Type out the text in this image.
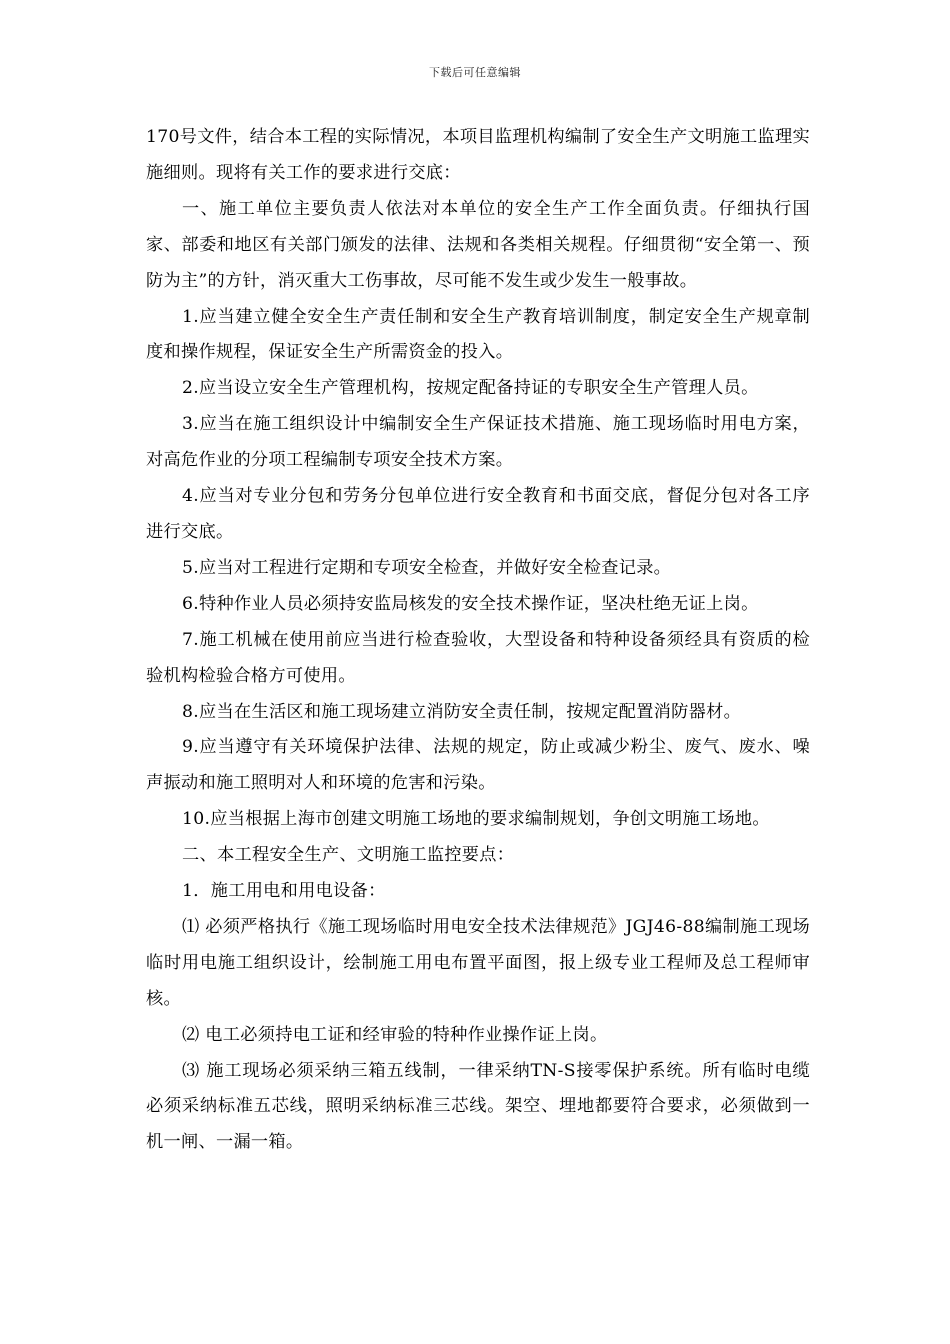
下载后可任意编辑

170号文件，结合本工程的实际情况，本项目监理机构编制了安全生产文明施工监理实施细则。现将有关工作的要求进行交底：

一、施工单位主要负责人依法对本单位的安全生产工作全面负责。仔细执行国家、部委和地区有关部门颁发的法律、法规和各类相关规程。仔细贯彻“安全第一、预防为主”的方针，消灭重大工伤事故，尽可能不发生或少发生一般事故。

1.应当建立健全安全生产责任制和安全生产教育培训制度，制定安全生产规章制度和操作规程，保证安全生产所需资金的投入。

2.应当设立安全生产管理机构，按规定配备持证的专职安全生产管理人员。

3.应当在施工组织设计中编制安全生产保证技术措施、施工现场临时用电方案，对高危作业的分项工程编制专项安全技术方案。

4.应当对专业分包和劳务分包单位进行安全教育和书面交底，督促分包对各工序进行交底。

5.应当对工程进行定期和专项安全检查，并做好安全检查记录。

6.特种作业人员必须持安监局核发的安全技术操作证，坚决杜绝无证上岗。

7.施工机械在使用前应当进行检查验收，大型设备和特种设备须经具有资质的检验机构检验合格方可使用。

8.应当在生活区和施工现场建立消防安全责任制，按规定配置消防器材。

9.应当遵守有关环境保护法律、法规的规定，防止或减少粉尘、废气、废水、噪声振动和施工照明对人和环境的危害和污染。

10.应当根据上海市创建文明施工场地的要求编制规划，争创文明施工场地。

二、本工程安全生产、文明施工监控要点：

1．施工用电和用电设备：

⑴ 必须严格执行《施工现场临时用电安全技术法律规范》JGJ46-88编制施工现场临时用电施工组织设计，绘制施工用电布置平面图，报上级专业工程师及总工程师审核。

⑵ 电工必须持电工证和经审验的特种作业操作证上岗。

⑶ 施工现场必须采纳三箱五线制，一律采纳TN-S接零保护系统。所有临时电缆必须采纳标准五芯线，照明采纳标准三芯线。架空、埋地都要符合要求，必须做到一机一闸、一漏一箱。
